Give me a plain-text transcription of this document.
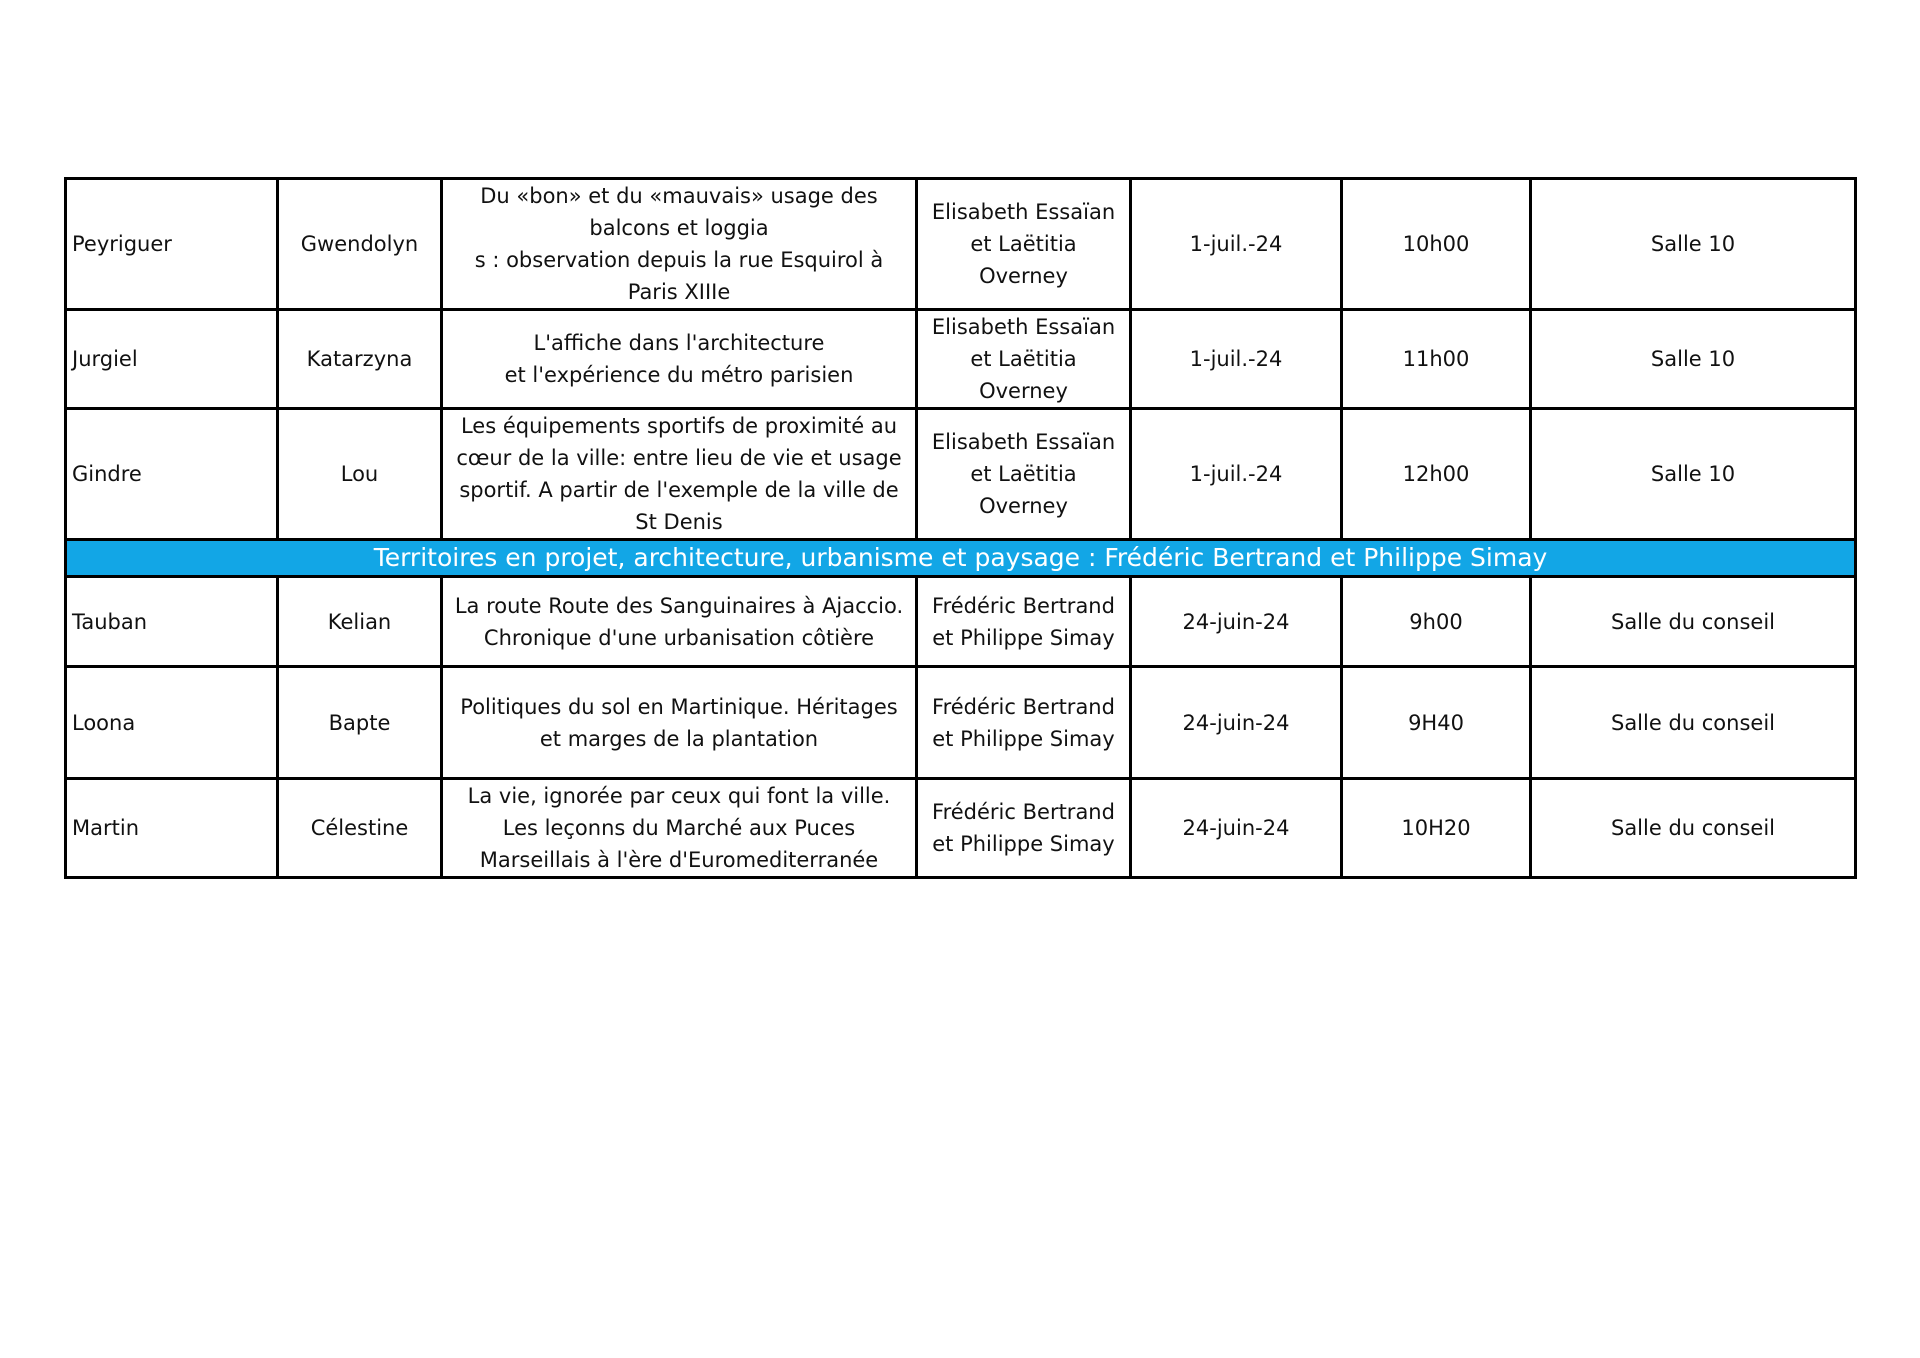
Peyriguer	Gwendolyn	Du «bon» et du «mauvais» usage des
balcons et loggia
s : observation depuis la rue Esquirol à
Paris XIIIe	Elisabeth Essaïan
et Laëtitia
Overney	1-juil.-24	10h00	Salle 10
Jurgiel	Katarzyna	L'affiche dans l'architecture
et l'expérience du métro parisien	Elisabeth Essaïan
et Laëtitia
Overney	1-juil.-24	11h00	Salle 10
Gindre	Lou	Les équipements sportifs de proximité au
cœur de la ville: entre lieu de vie et usage
sportif. A partir de l'exemple de la ville de
St Denis	Elisabeth Essaïan
et Laëtitia
Overney	1-juil.-24	12h00	Salle 10
Territoires en projet, architecture, urbanisme et paysage : Frédéric Bertrand et Philippe Simay						
Tauban	Kelian	La route Route des Sanguinaires à Ajaccio.
Chronique d'une urbanisation côtière	Frédéric Bertrand
et Philippe Simay	24-juin-24	9h00	Salle du conseil
Loona	Bapte	Politiques du sol en Martinique. Héritages
et marges de la plantation	Frédéric Bertrand
et Philippe Simay	24-juin-24	9H40	Salle du conseil
Martin	Célestine	La vie, ignorée par ceux qui font la ville.
Les leçonns du Marché aux Puces
Marseillais à l'ère d'Euromediterranée	Frédéric Bertrand
et Philippe Simay	24-juin-24	10H20	Salle du conseil
